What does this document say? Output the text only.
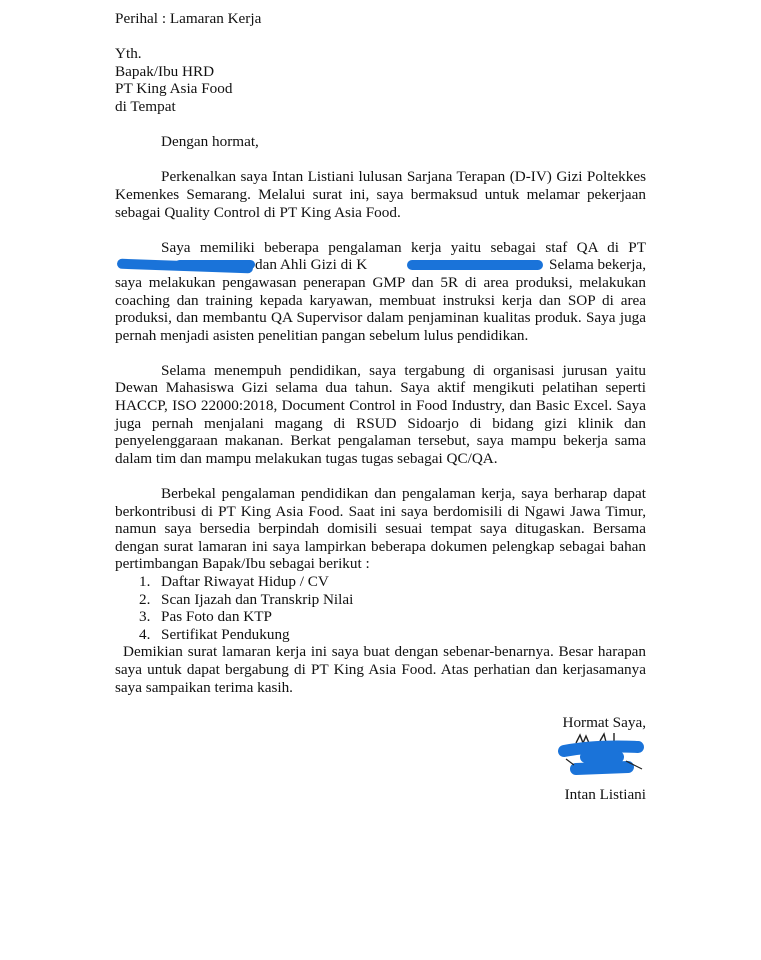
Perihal : Lamaran Kerja
Yth.
Bapak/Ibu HRD
PT King Asia Food
di Tempat

Dengan hormat,

Perkenalkan saya Intan Listiani lulusan Sarjana Terapan (D-IV) Gizi Poltekkes Kemenkes Semarang. Melalui surat ini, saya bermaksud untuk melamar pekerjaan sebagai Quality Control di PT King Asia Food.

Saya memiliki beberapa pengalaman kerja yaitu sebagai staf QA di PT

dan Ahli Gizi di K	Selama bekerja,

saya melakukan pengawasan penerapan GMP dan 5R di area produksi, melakukan coaching dan training kepada karyawan, membuat instruksi kerja dan SOP di area produksi, dan membantu QA Supervisor dalam penjaminan kualitas produk. Saya juga pernah menjadi asisten penelitian pangan sebelum lulus pendidikan.

Selama menempuh pendidikan, saya tergabung di organisasi jurusan yaitu Dewan Mahasiswa Gizi selama dua tahun. Saya aktif mengikuti pelatihan seperti HACCP, ISO 22000:2018, Document Control in Food Industry, dan Basic Excel. Saya juga pernah menjalani magang di RSUD Sidoarjo di bidang gizi klinik dan penyelenggaraan makanan. Berkat pengalaman tersebut, saya mampu bekerja sama dalam tim dan mampu melakukan tugas tugas sebagai QC/QA.

Berbekal pengalaman pendidikan dan pengalaman kerja, saya berharap dapat berkontribusi di PT King Asia Food. Saat ini saya berdomisili di Ngawi Jawa Timur, namun saya bersedia berpindah domisili sesuai tempat saya ditugaskan. Bersama dengan surat lamaran ini saya lampirkan beberapa dokumen pelengkap sebagai bahan pertimbangan Bapak/Ibu sebagai berikut :

1. Daftar Riwayat Hidup / CV
2. Scan Ijazah dan Transkrip Nilai
3. Pas Foto dan KTP
4. Sertifikat Pendukung

Demikian surat lamaran kerja ini saya buat dengan sebenar-benarnya. Besar harapan saya untuk dapat bergabung di PT King Asia Food. Atas perhatian dan kerjasamanya saya sampaikan terima kasih.

Hormat Saya,
Intan Listiani
